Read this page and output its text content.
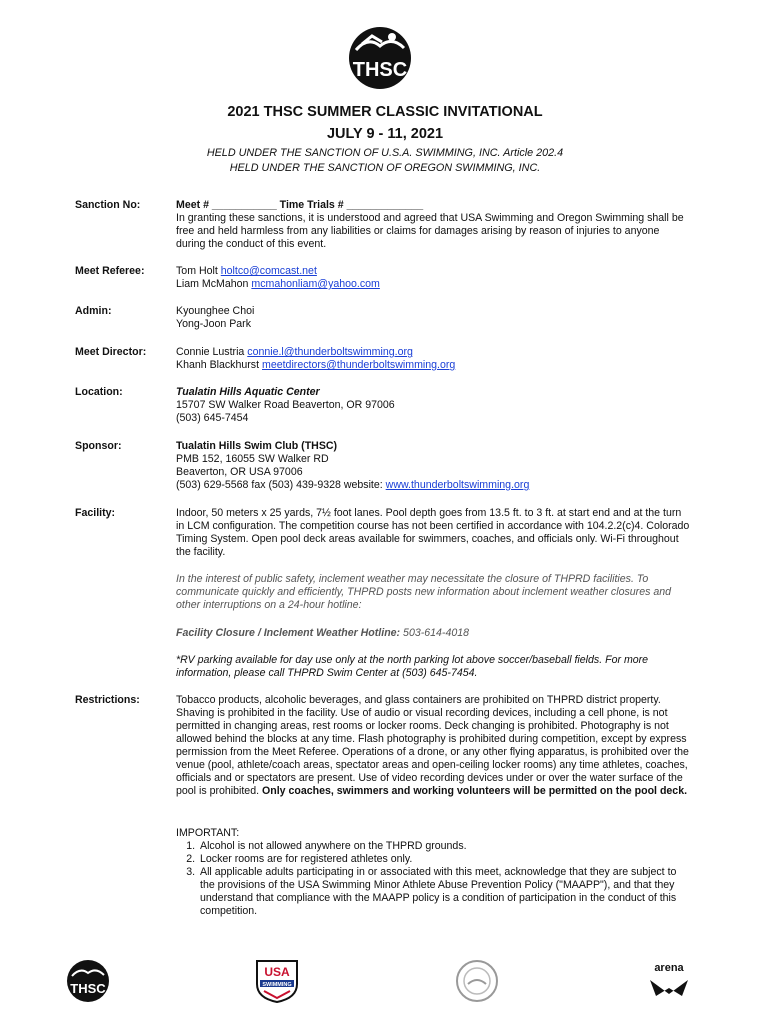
THSC
2021 THSC SUMMER CLASSIC INVITATIONAL
JULY 9 - 11, 2021
HELD UNDER THE SANCTION OF U.S.A. SWIMMING, INC. Article 202.4
HELD UNDER THE SANCTION OF OREGON SWIMMING, INC.
Sanction No:	Meet # ___________ Time Trials # _____________
In granting these sanctions, it is understood and agreed that USA Swimming and Oregon Swimming shall be free and held harmless from any liabilities or claims for damages arising by reason of injuries to anyone during the conduct of this event.
Meet Referee:	Tom Holt holtco@comcast.net
Liam McMahon mcmahonliam@yahoo.com
Admin:	Kyounghee Choi
Yong-Joon Park
Meet Director:	Connie Lustria connie.l@thunderboltswimming.org
Khanh Blackhurst meetdirectors@thunderboltswimming.org
Location:	Tualatin Hills Aquatic Center
15707 SW Walker Road Beaverton, OR 97006
(503) 645-7454
Sponsor:	Tualatin Hills Swim Club (THSC)
PMB 152, 16055 SW Walker RD
Beaverton, OR USA 97006
(503) 629-5568 fax (503) 439-9328 website: www.thunderboltswimming.org
Facility:	Indoor, 50 meters x 25 yards, 7½ foot lanes. Pool depth goes from 13.5 ft. to 3 ft. at start end and at the turn in LCM configuration. The competition course has not been certified in accordance with 104.2.2(c)4. Colorado Timing System. Open pool deck areas available for swimmers, coaches, and officials only. Wi-Fi throughout the facility.
In the interest of public safety, inclement weather may necessitate the closure of THPRD facilities. To communicate quickly and efficiently, THPRD posts new information about inclement weather closures and other interruptions on a 24-hour hotline:
Facility Closure / Inclement Weather Hotline: 503-614-4018
*RV parking available for day use only at the north parking lot above soccer/baseball fields. For more information, please call THPRD Swim Center at (503) 645-7454.
Restrictions:	Tobacco products, alcoholic beverages, and glass containers are prohibited on THPRD district property. Shaving is prohibited in the facility. Use of audio or visual recording devices, including a cell phone, is not permitted in changing areas, rest rooms or locker rooms. Deck changing is prohibited. Photography is not allowed behind the blocks at any time. Flash photography is prohibited during competition, except by express permission from the Meet Referee. Operations of a drone, or any other flying apparatus, is prohibited over the venue (pool, athlete/coach areas, spectator areas and open-ceiling locker rooms) any time athletes, coaches, officials and or spectators are present. Use of video recording devices under or over the water surface of the pool is prohibited. Only coaches, swimmers and working volunteers will be permitted on the pool deck.
IMPORTANT:
1. Alcohol is not allowed anywhere on the THPRD grounds.
2. Locker rooms are for registered athletes only.
3. All applicable adults participating in or associated with this meet, acknowledge that they are subject to the provisions of the USA Swimming Minor Athlete Abuse Prevention Policy ("MAAPP"), and that they understand that compliance with the MAAPP policy is a condition of participation in the conduct of this competition.
THSC
USA
SWIMMING
arena
